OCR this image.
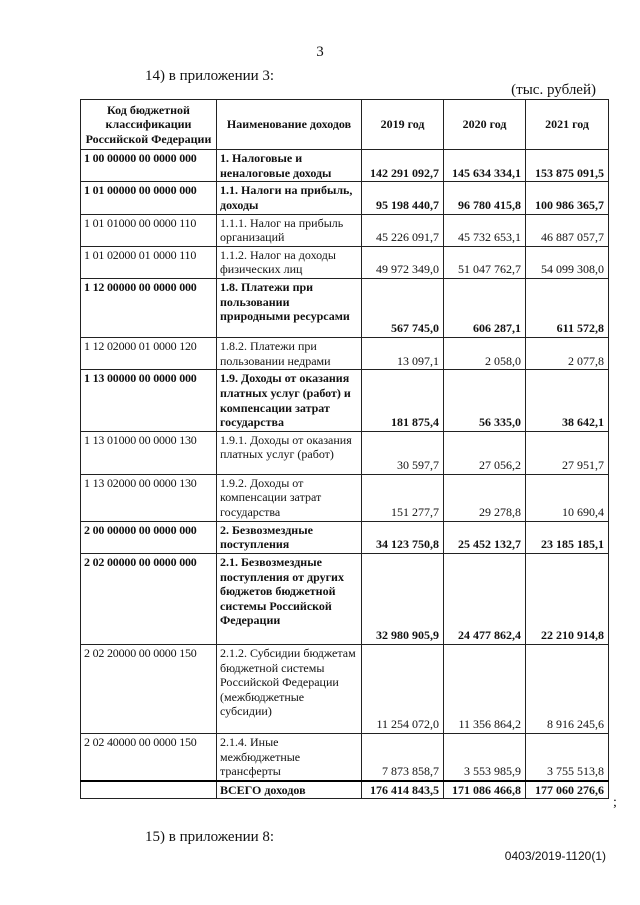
3
14) в приложении 3:
(тыс. рублей)
Код бюджетной классификации Российской Федерации	Наименование доходов	2019 год	2020 год	2021 год
1 00 00000 00 0000 000	1. Налоговые и неналоговые доходы	142 291 092,7	145 634 334,1	153 875 091,5
1 01 00000 00 0000 000	1.1. Налоги на прибыль, доходы	95 198 440,7	96 780 415,8	100 986 365,7
1 01 01000 00 0000 110	1.1.1. Налог на прибыль организаций	45 226 091,7	45 732 653,1	46 887 057,7
1 01 02000 01 0000 110	1.1.2. Налог на доходы физических лиц	49 972 349,0	51 047 762,7	54 099 308,0
1 12 00000 00 0000 000	1.8. Платежи при пользовании природными ресурсами	567 745,0	606 287,1	611 572,8
1 12 02000 01 0000 120	1.8.2. Платежи при пользовании недрами	13 097,1	2 058,0	2 077,8
1 13 00000 00 0000 000	1.9. Доходы от оказания платных услуг (работ) и компенсации затрат государства	181 875,4	56 335,0	38 642,1
1 13 01000 00 0000 130	1.9.1. Доходы от оказания платных услуг (работ)	30 597,7	27 056,2	27 951,7
1 13 02000 00 0000 130	1.9.2. Доходы от компенсации затрат государства	151 277,7	29 278,8	10 690,4
2 00 00000 00 0000 000	2. Безвозмездные поступления	34 123 750,8	25 452 132,7	23 185 185,1
2 02 00000 00 0000 000	2.1. Безвозмездные поступления от других бюджетов бюджетной системы Российской Федерации	32 980 905,9	24 477 862,4	22 210 914,8
2 02 20000 00 0000 150	2.1.2. Субсидии бюджетам бюджетной системы Российской Федерации (межбюджетные субсидии)	11 254 072,0	11 356 864,2	8 916 245,6
2 02 40000 00 0000 150	2.1.4. Иные межбюджетные трансферты	7 873 858,7	3 553 985,9	3 755 513,8
	ВСЕГО доходов	176 414 843,5	171 086 466,8	177 060 276,6
;
15) в приложении 8:
0403/2019-1120(1)
